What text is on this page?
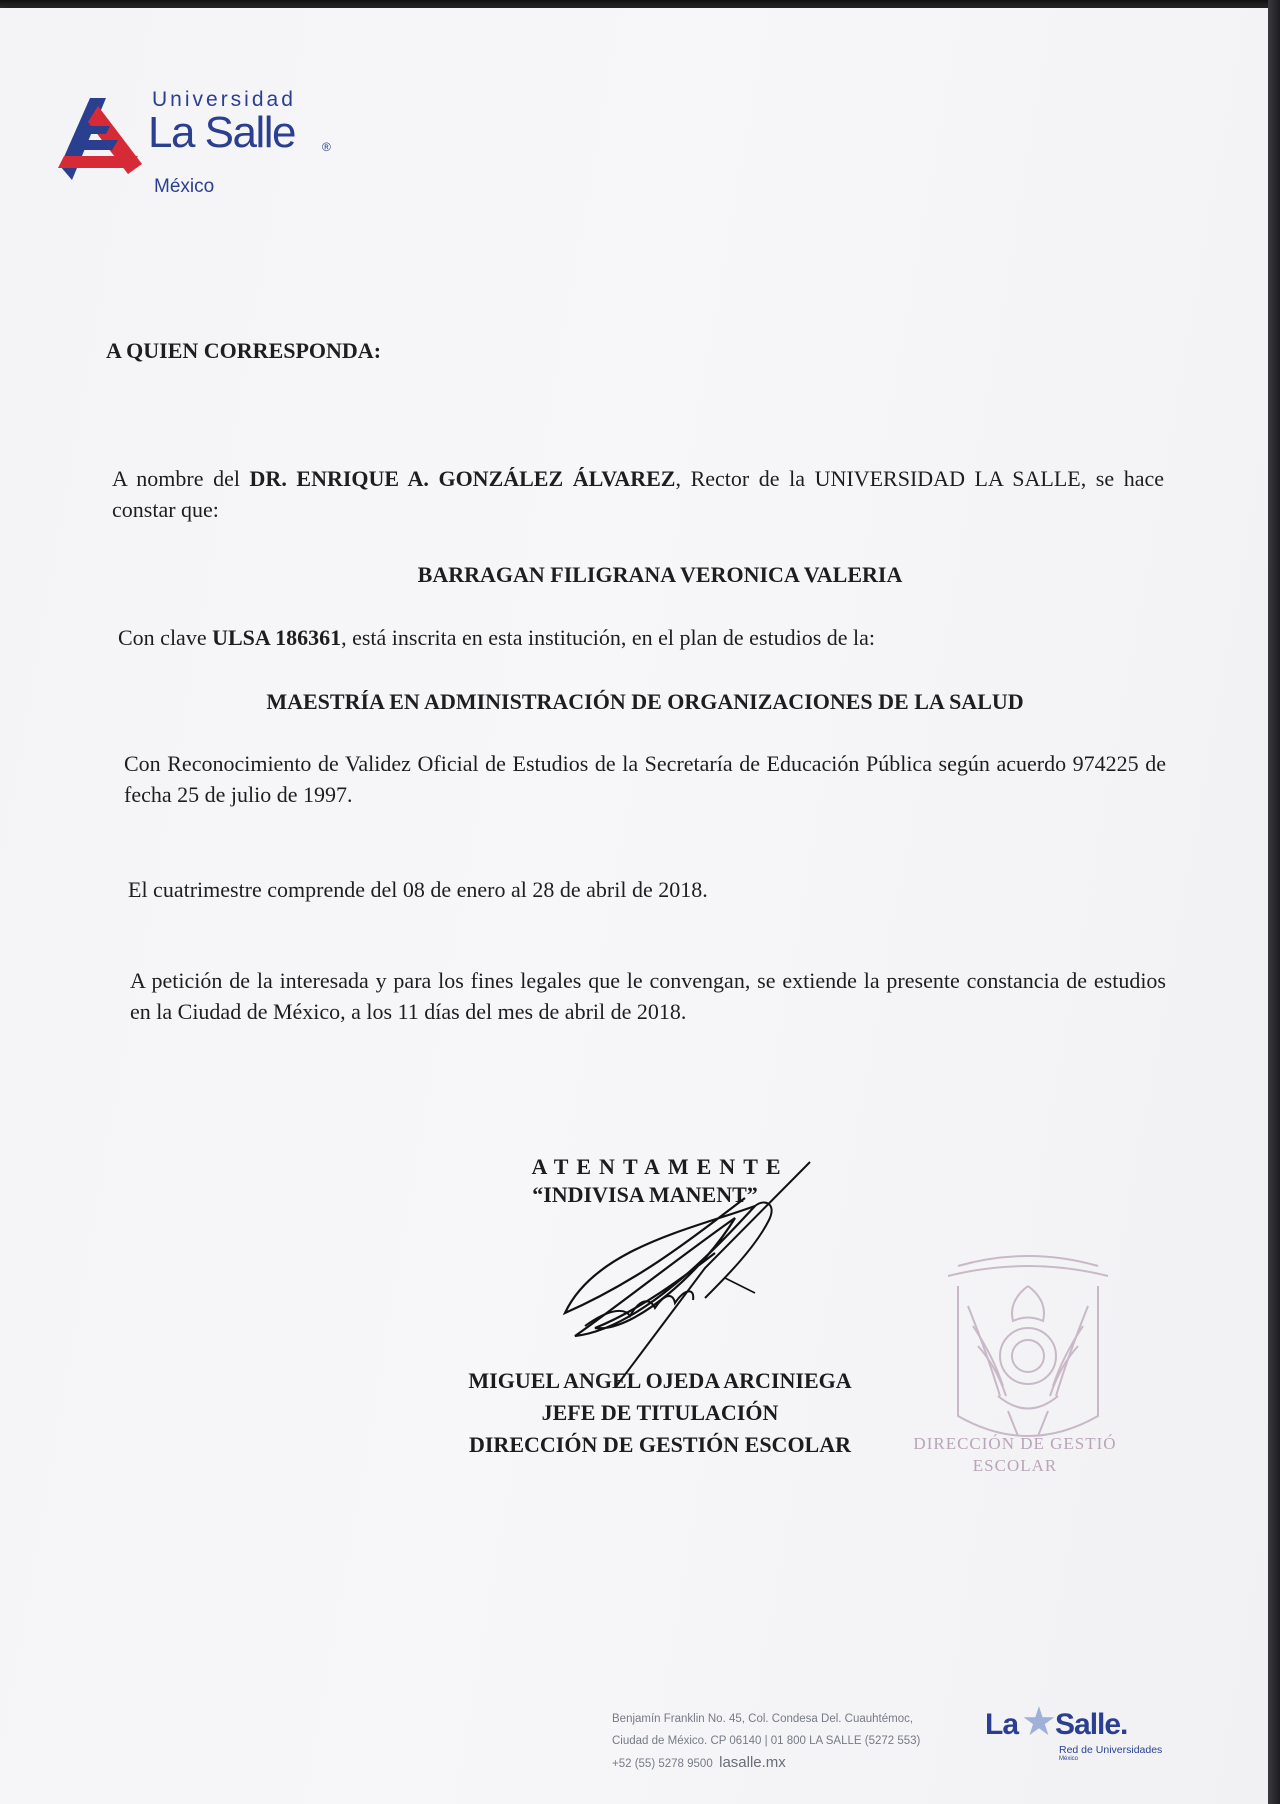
Universidad
La Salle ®
México
A QUIEN CORRESPONDA:
A nombre del DR. ENRIQUE A. GONZÁLEZ ÁLVAREZ, Rector de la UNIVERSIDAD LA SALLE, se hace constar que:
BARRAGAN FILIGRANA VERONICA VALERIA
Con clave ULSA 186361, está inscrita en esta institución, en el plan de estudios de la:
MAESTRÍA EN ADMINISTRACIÓN DE ORGANIZACIONES DE LA SALUD
Con Reconocimiento de Validez Oficial de Estudios de la Secretaría de Educación Pública según acuerdo 974225 de fecha 25 de julio de 1997.
El cuatrimestre comprende del 08 de enero al 28 de abril de 2018.
A petición de la interesada y para los fines legales que le convengan, se extiende la presente constancia de estudios en la Ciudad de México, a los 11 días del mes de abril de 2018.
ATENTAMENTE
“INDIVISA MANENT”
MIGUEL ANGEL OJEDA ARCINIEGA
JEFE DE TITULACIÓN
DIRECCIÓN DE GESTIÓN ESCOLAR	DIRECCIÓN DE GESTIÓ
ESCOLAR
Benjamín Franklin No. 45, Col. Condesa Del. Cuauhtémoc,
Ciudad de México. CP 06140 | 01 800 LA SALLE (5272 553)
+52 (55) 5278 9500 lasalle.mx
La ★
Salle.
Red de Universidades
México
